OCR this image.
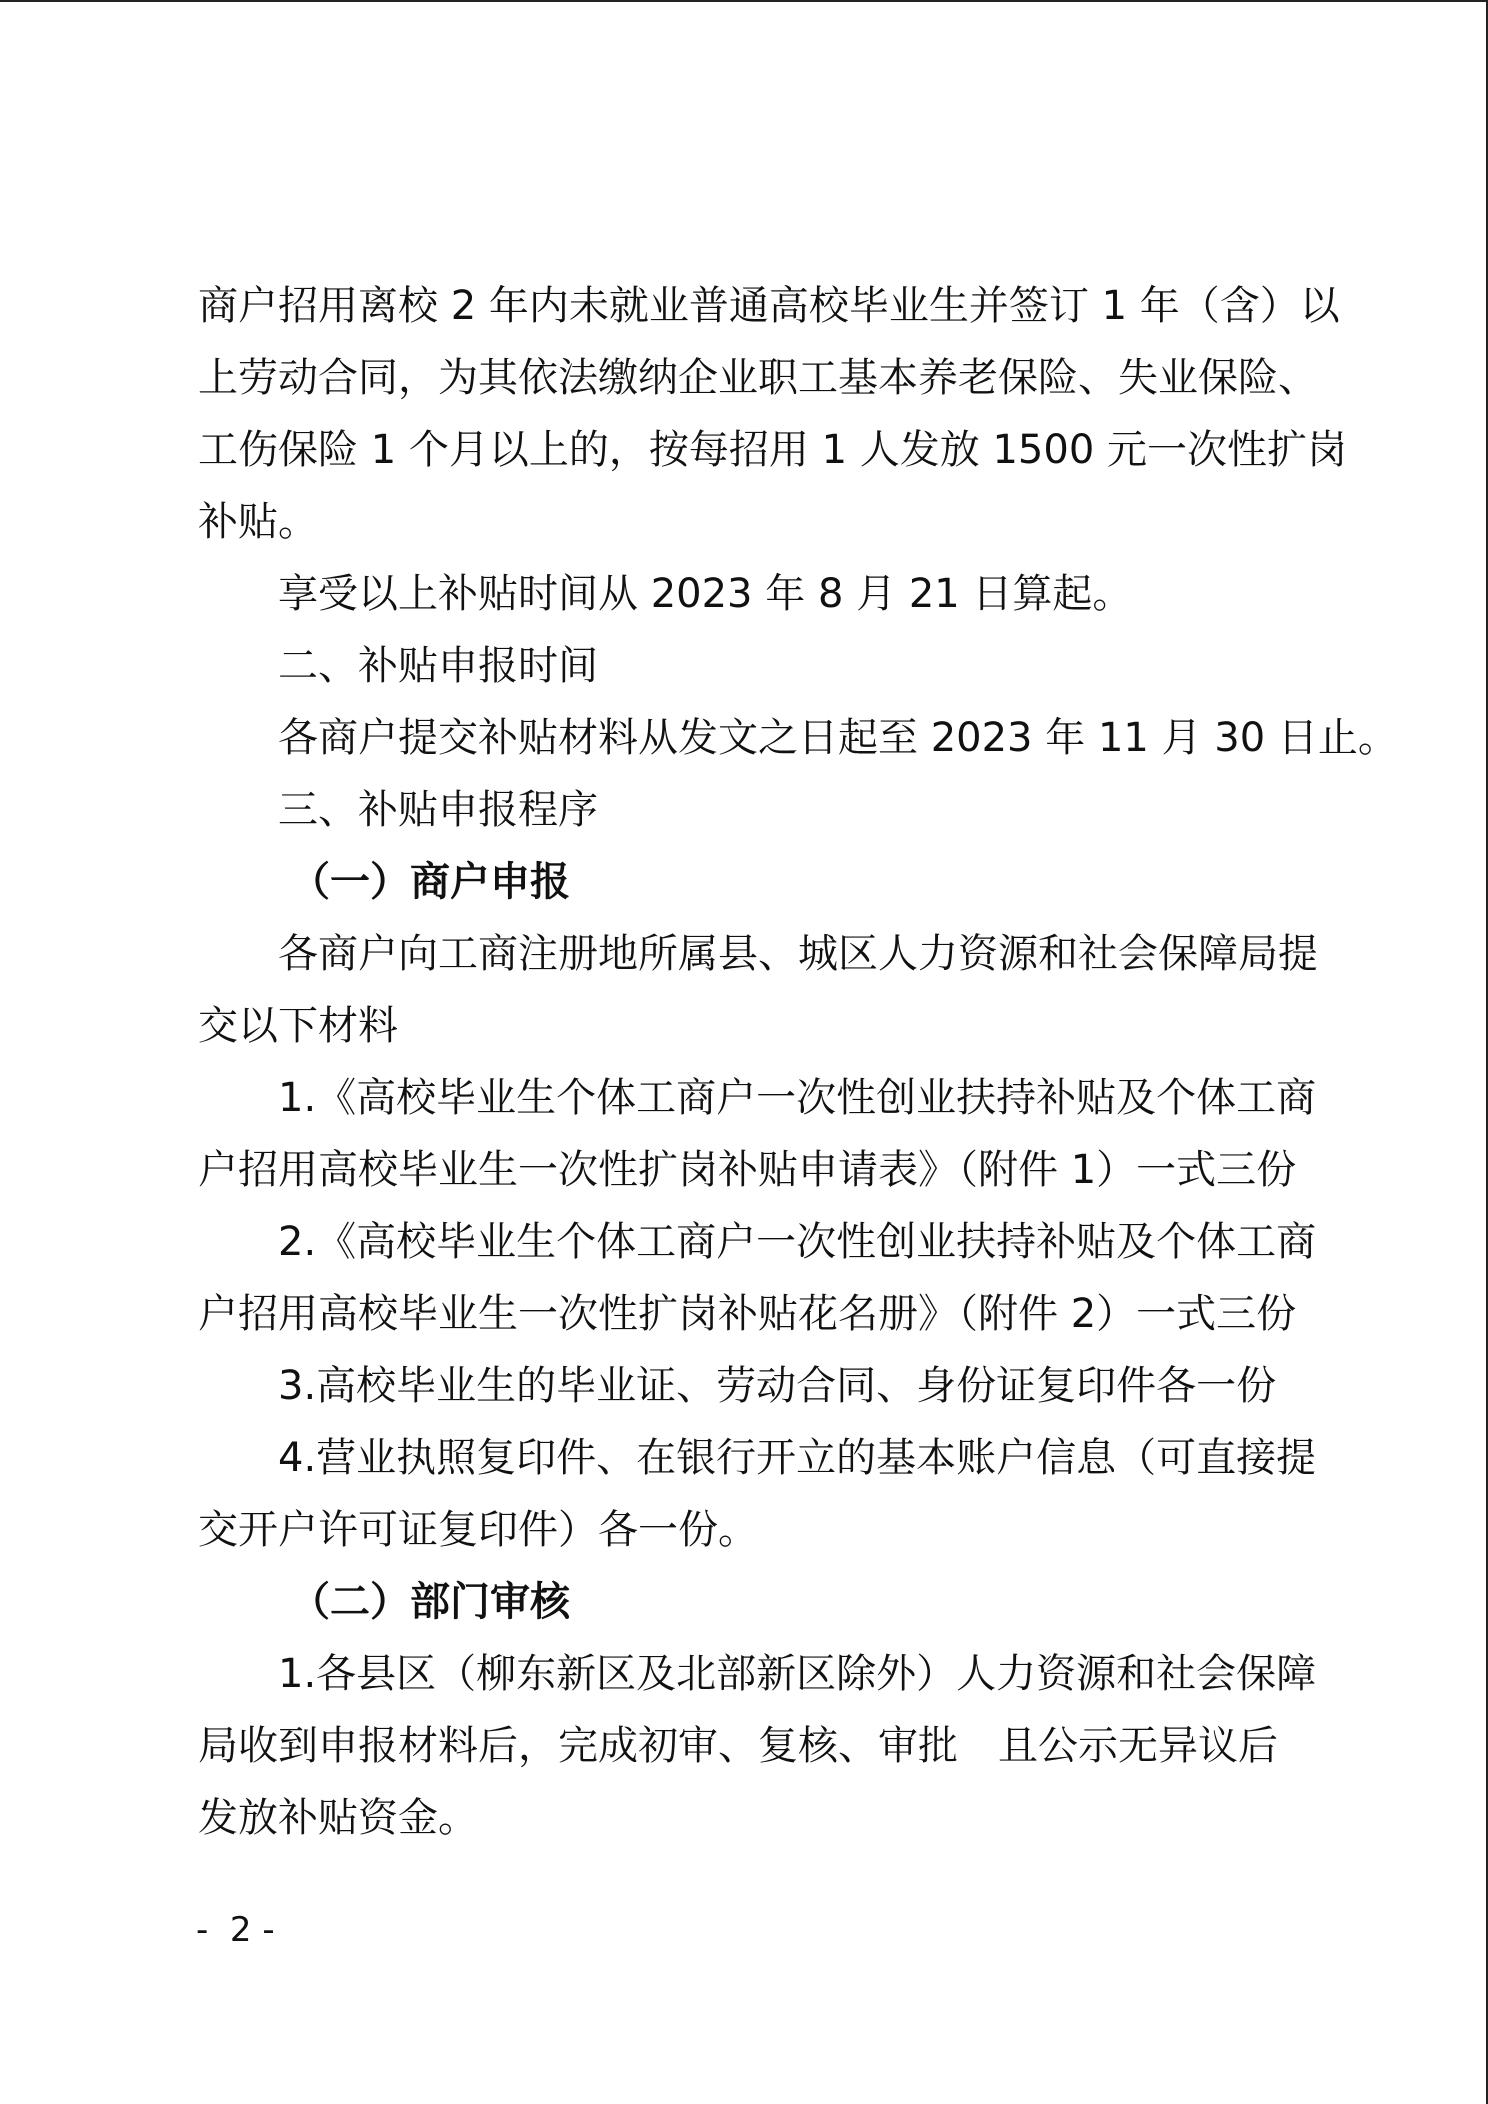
商户招用离校 2 年内未就业普通高校毕业生并签订 1 年（含）以
上劳动合同，为其依法缴纳企业职工基本养老保险、失业保险、
工伤保险 1 个月以上的，按每招用 1 人发放 1500 元一次性扩岗
补贴。
享受以上补贴时间从 2023 年 8 月 21 日算起。
二、补贴申报时间
各商户提交补贴材料从发文之日起至 2023 年 11 月 30 日止。
三、补贴申报程序
（一）商户申报
各商户向工商注册地所属县、城区人力资源和社会保障局提
交以下材料
1.《高校毕业生个体工商户一次性创业扶持补贴及个体工商
户招用高校毕业生一次性扩岗补贴申请表》（附件 1）一式三份
2.《高校毕业生个体工商户一次性创业扶持补贴及个体工商
户招用高校毕业生一次性扩岗补贴花名册》（附件 2）一式三份
3.高校毕业生的毕业证、劳动合同、身份证复印件各一份
4.营业执照复印件、在银行开立的基本账户信息（可直接提
交开户许可证复印件）各一份。
（二）部门审核
1.各县区（柳东新区及北部新区除外）人力资源和社会保障
局收到申报材料后，完成初审、复核、审批　且公示无异议后
发放补贴资金。
-  2 -
